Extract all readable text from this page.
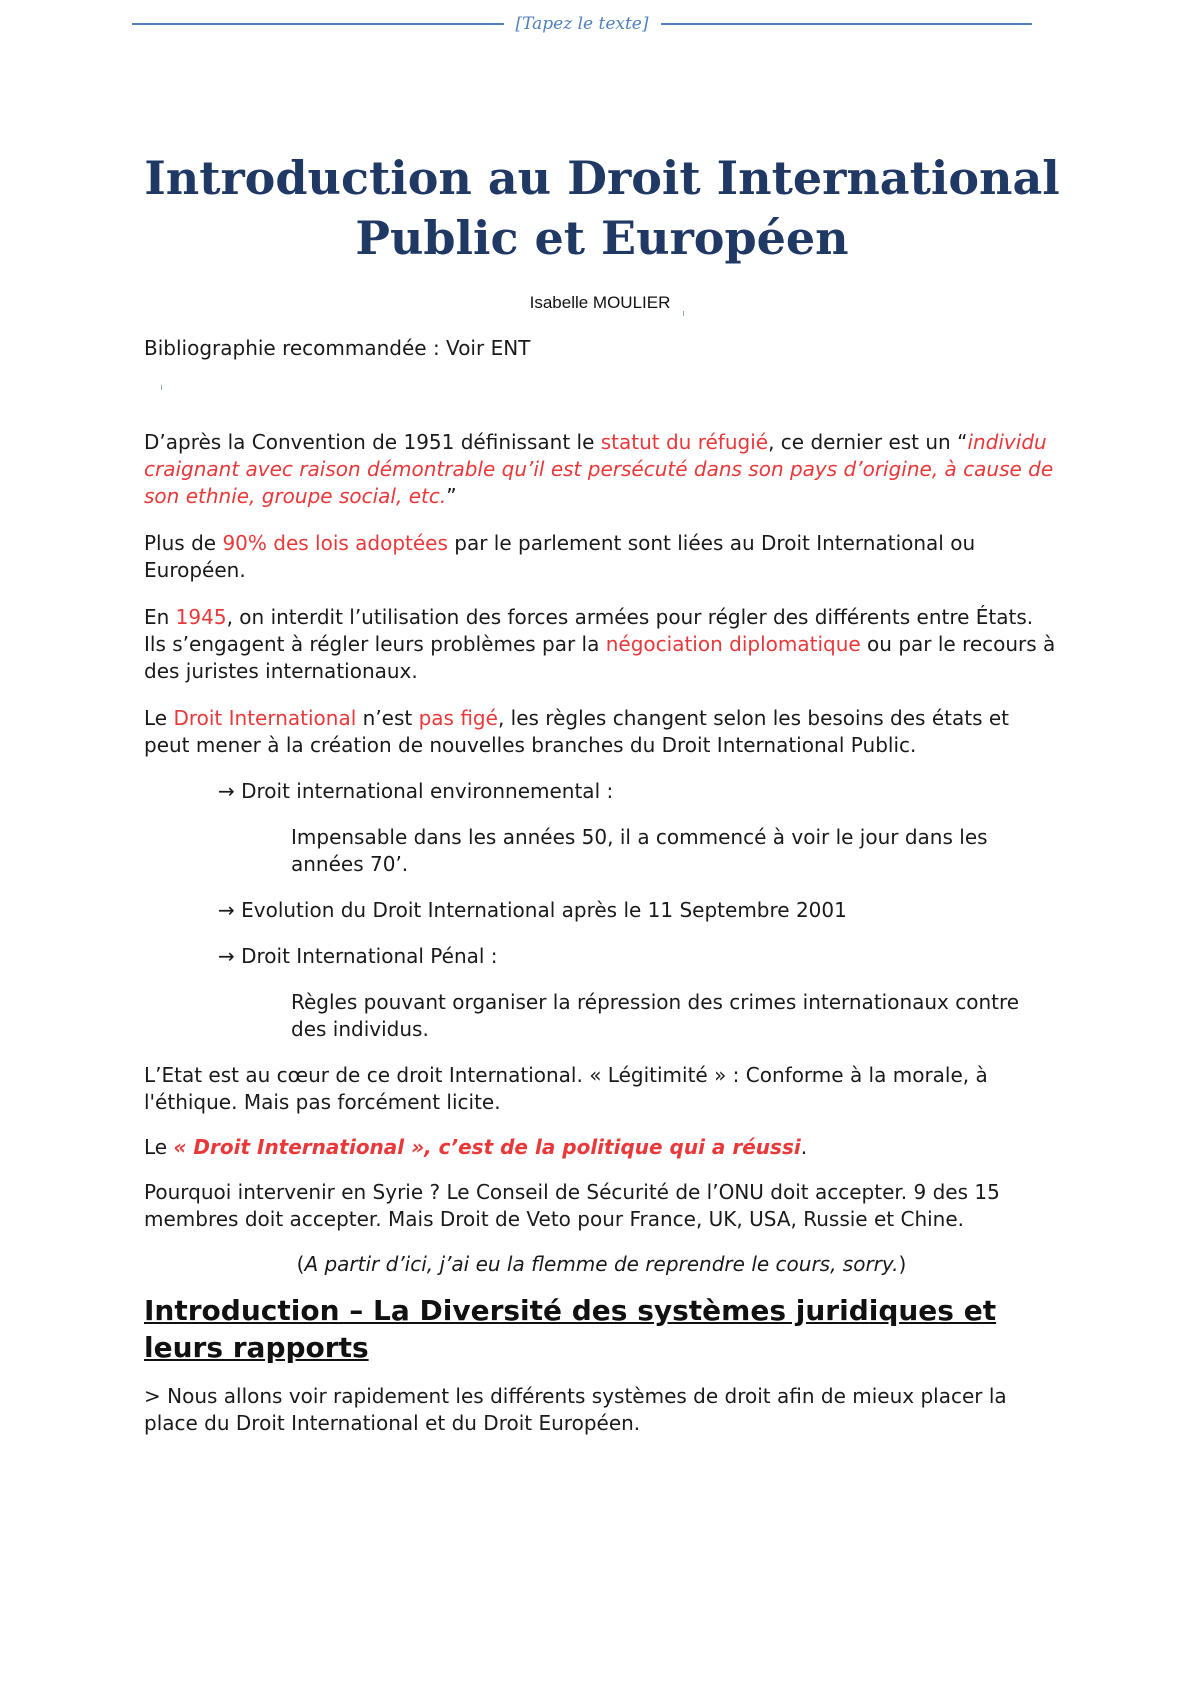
[Tapez le texte]
Introduction au Droit International
Public et Européen
Isabelle MOULIER

Bibliographie recommandée : Voir ENT

D’après la Convention de 1951 définissant le statut du réfugié, ce dernier est un “individu craignant avec raison démontrable qu’il est persécuté dans son pays d’origine, à cause de son ethnie, groupe social, etc.”

Plus de 90% des lois adoptées par le parlement sont liées au Droit International ou Européen.

En 1945, on interdit l’utilisation des forces armées pour régler des différents entre États. Ils s’engagent à régler leurs problèmes par la négociation diplomatique ou par le recours à des juristes internationaux.

Le Droit International n’est pas figé, les règles changent selon les besoins des états et peut mener à la création de nouvelles branches du Droit International Public.

→ Droit international environnemental :

Impensable dans les années 50, il a commencé à voir le jour dans les années 70’.

→ Evolution du Droit International après le 11 Septembre 2001

→ Droit International Pénal :

Règles pouvant organiser la répression des crimes internationaux contre des individus.

L’Etat est au cœur de ce droit International. « Légitimité » : Conforme à la morale, à l'éthique. Mais pas forcément licite.

Le « Droit International », c’est de la politique qui a réussi.

Pourquoi intervenir en Syrie ? Le Conseil de Sécurité de l’ONU doit accepter. 9 des 15 membres doit accepter. Mais Droit de Veto pour France, UK, USA, Russie et Chine.

(A partir d’ici, j’ai eu la flemme de reprendre le cours, sorry.)

Introduction – La Diversité des systèmes juridiques et leurs rapports

> Nous allons voir rapidement les différents systèmes de droit afin de mieux placer la place du Droit International et du Droit Européen.
